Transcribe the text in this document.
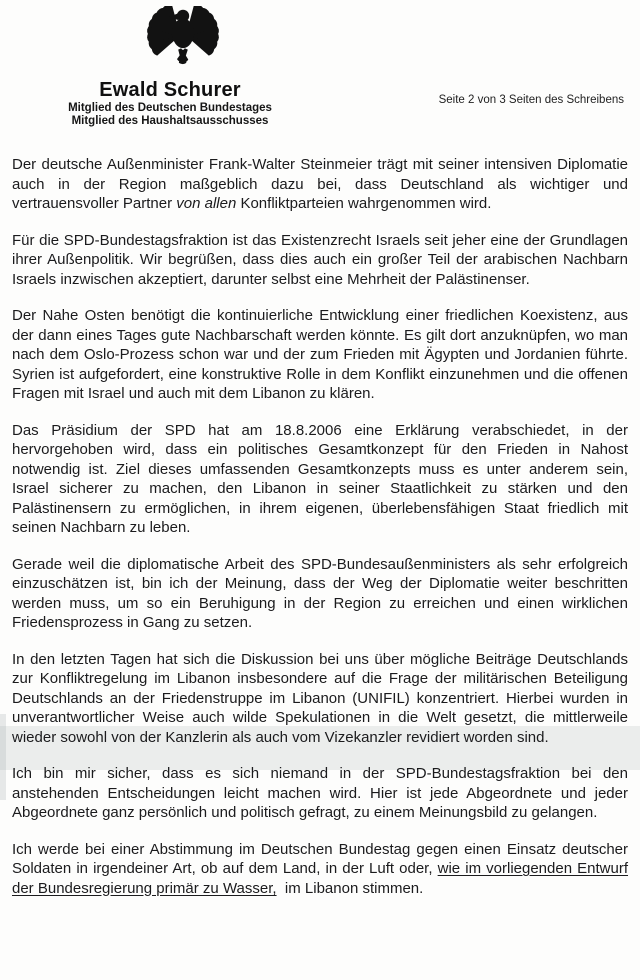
Ewald Schurer
Mitglied des Deutschen Bundestages
Mitglied des Haushaltsausschusses
Seite 2 von 3 Seiten des Schreibens

Der deutsche Außenminister Frank-Walter Steinmeier trägt mit seiner intensiven Diplomatie auch in der Region maßgeblich dazu bei, dass Deutschland als wichtiger und vertrauensvoller Partner von allen Konfliktparteien wahrgenommen wird.

Für die SPD-Bundestagsfraktion ist das Existenzrecht Israels seit jeher eine der Grundlagen ihrer Außenpolitik. Wir begrüßen, dass dies auch ein großer Teil der arabischen Nachbarn Israels inzwischen akzeptiert, darunter selbst eine Mehrheit der Palästinenser.

Der Nahe Osten benötigt die kontinuierliche Entwicklung einer friedlichen Koexistenz, aus der dann eines Tages gute Nachbarschaft werden könnte. Es gilt dort anzuknüpfen, wo man nach dem Oslo-Prozess schon war und der zum Frieden mit Ägypten und Jordanien führte. Syrien ist aufgefordert, eine konstruktive Rolle in dem Konflikt einzunehmen und die offenen Fragen mit Israel und auch mit dem Libanon zu klären.

Das Präsidium der SPD hat am 18.8.2006 eine Erklärung verabschiedet, in der hervorgehoben wird, dass ein politisches Gesamtkonzept für den Frieden in Nahost notwendig ist. Ziel dieses umfassenden Gesamtkonzepts muss es unter anderem sein, Israel sicherer zu machen, den Libanon in seiner Staatlichkeit zu stärken und den Palästinensern zu ermöglichen, in ihrem eigenen, überlebensfähigen Staat friedlich mit seinen Nachbarn zu leben.

Gerade weil die diplomatische Arbeit des SPD-Bundesaußenministers als sehr erfolgreich einzuschätzen ist, bin ich der Meinung, dass der Weg der Diplomatie weiter beschritten werden muss, um so ein Beruhigung in der Region zu erreichen und einen wirklichen Friedensprozess in Gang zu setzen.

In den letzten Tagen hat sich die Diskussion bei uns über mögliche Beiträge Deutschlands zur Konfliktregelung im Libanon insbesondere auf die Frage der militärischen Beteiligung Deutschlands an der Friedenstruppe im Libanon (UNIFIL) konzentriert. Hierbei wurden in unverantwortlicher Weise auch wilde Spekulationen in die Welt gesetzt, die mittlerweile wieder sowohl von der Kanzlerin als auch vom Vizekanzler revidiert worden sind.

Ich bin mir sicher, dass es sich niemand in der SPD-Bundestagsfraktion bei den anstehenden Entscheidungen leicht machen wird. Hier ist jede Abgeordnete und jeder Abgeordnete ganz persönlich und politisch gefragt, zu einem Meinungsbild zu gelangen.

Ich werde bei einer Abstimmung im Deutschen Bundestag gegen einen Einsatz deutscher Soldaten in irgendeiner Art, ob auf dem Land, in der Luft oder, wie im vorliegenden Entwurf der Bundesregierung primär zu Wasser,  im Libanon stimmen.
